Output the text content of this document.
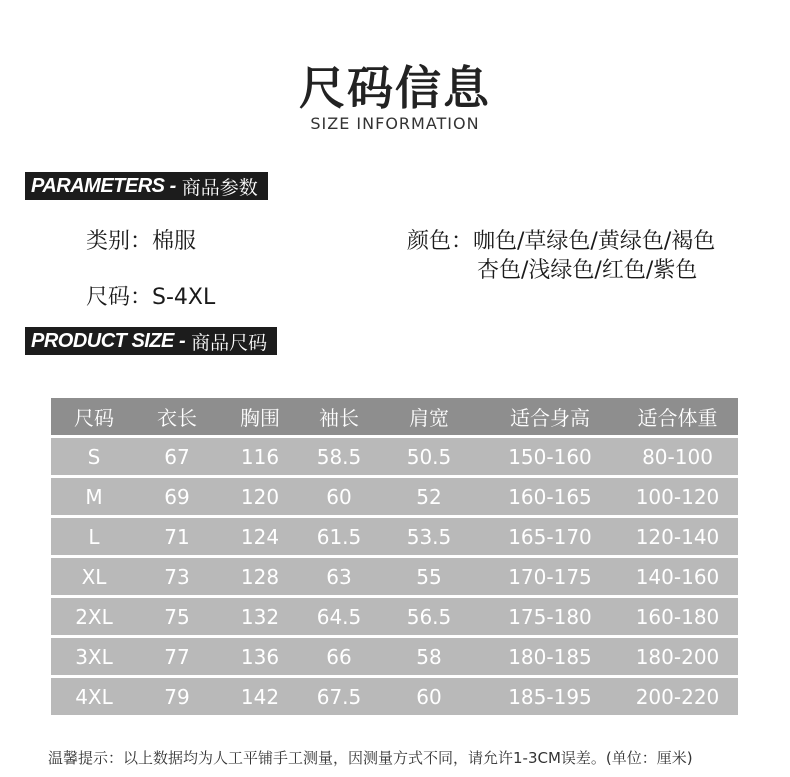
尺码信息
SIZE INFORMATION
PARAMETERS - 商品参数
类别：棉服
尺码：S-4XL
颜色：咖色/草绿色/黄绿色/褐色
杏色/浅绿色/红色/紫色
PRODUCT SIZE - 商品尺码
尺码	衣长	胸围	袖长	肩宽	适合身高	适合体重
S	67	116	58.5	50.5	150-160	80-100
M	69	120	60	52	160-165	100-120
L	71	124	61.5	53.5	165-170	120-140
XL	73	128	63	55	170-175	140-160
2XL	75	132	64.5	56.5	175-180	160-180
3XL	77	136	66	58	180-185	180-200
4XL	79	142	67.5	60	185-195	200-220
温馨提示：以上数据均为人工平铺手工测量，因测量方式不同，请允许1-3CM误差。(单位：厘米)
